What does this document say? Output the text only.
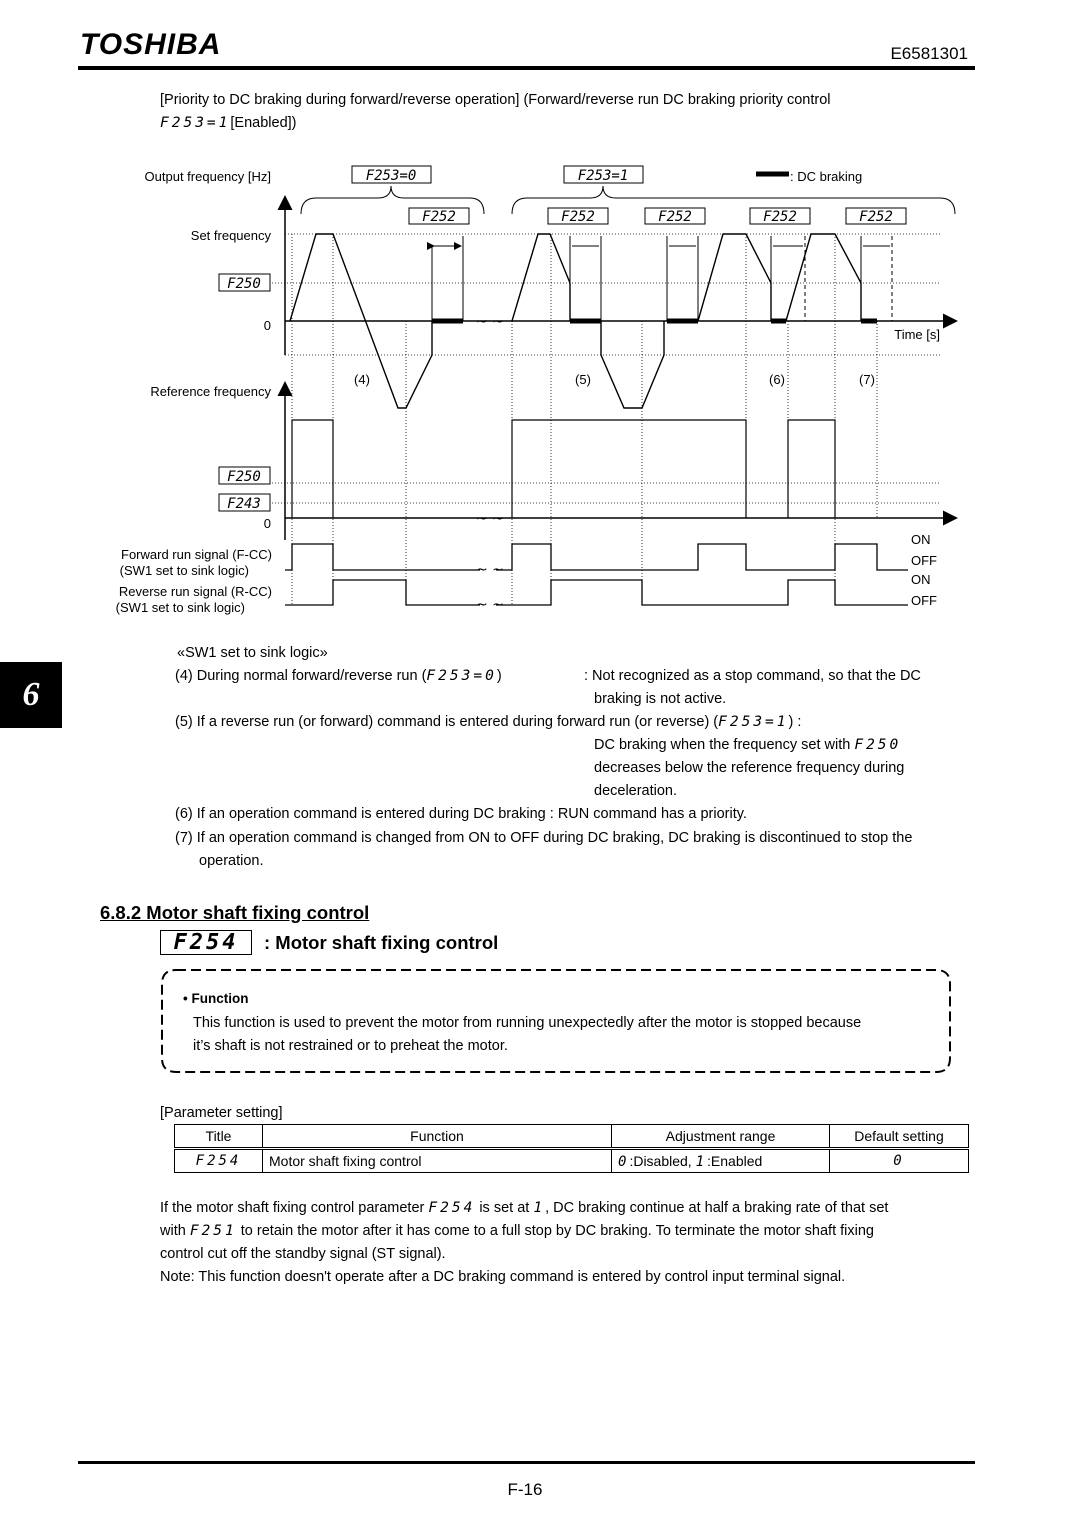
TOSHIBA	E6581301
[Priority to DC braking during forward/reverse operation] (Forward/reverse run DC braking priority control
F253=1[Enabled])
Output frequency [Hz]
Set frequency
F250
0
Reference frequency
F250
F243
0
Forward run signal (F-CC)
(SW1 set to sink logic)
Reverse run signal (R-CC)
(SW1 set to sink logic)
F253=0	F253=1	: DC braking
F252	F252	F252	F252	F252
Time [s]
(4)	(5)	(6)	(7)
~ ~
~ ~
~ ~
~ ~
ON
OFF
ON
OFF
«SW1 set to sink logic»
(4) During normal forward/reverse run (F253=0)	: Not recognized as a stop command, so that the DC
braking is not active.
(5) If a reverse run (or forward) command is entered during forward run (or reverse) (F253=1) :
DC braking when the frequency set with F250
decreases below the reference frequency during
deceleration.
(6) If an operation command is entered during DC braking : RUN command has a priority.
(7) If an operation command is changed from ON to OFF during DC braking, DC braking is discontinued to stop the
operation.
6
6.8.2 Motor shaft fixing control
F254	: Motor shaft fixing control
• Function
This function is used to prevent the motor from running unexpectedly after the motor is stopped because
it’s shaft is not restrained or to preheat the motor.
[Parameter setting]
Title	Function	Adjustment range	Default setting
F254	Motor shaft fixing control	0:Disabled, 1:Enabled	0
If the motor shaft fixing control parameter F254 is set at 1, DC braking continue at half a braking rate of that set
with F251 to retain the motor after it has come to a full stop by DC braking. To terminate the motor shaft fixing
control cut off the standby signal (ST signal).
Note: This function doesn't operate after a DC braking command is entered by control input terminal signal.
F-16
